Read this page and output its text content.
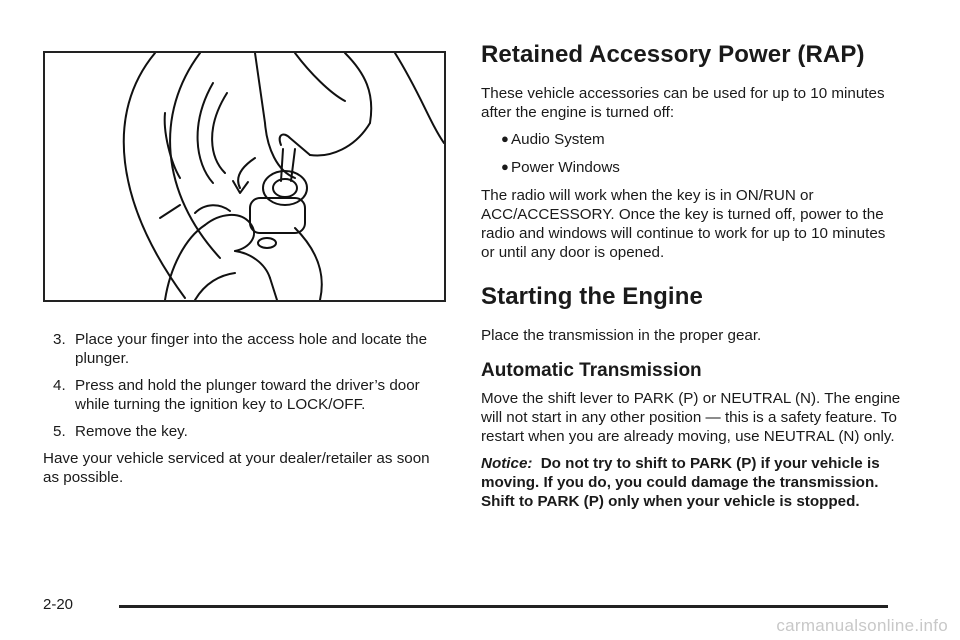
3. Place your finger into the access hole and locate the plunger.
4. Press and hold the plunger toward the driver’s door while turning the ignition key to LOCK/OFF.
5. Remove the key.

Have your vehicle serviced at your dealer/retailer as soon as possible.

Retained Accessory Power (RAP)

These vehicle accessories can be used for up to 10 minutes after the engine is turned off:

● Audio System
● Power Windows

The radio will work when the key is in ON/RUN or ACC/ACCESSORY. Once the key is turned off, power to the radio and windows will continue to work for up to 10 minutes or until any door is opened.

Starting the Engine

Place the transmission in the proper gear.

Automatic Transmission

Move the shift lever to PARK (P) or NEUTRAL (N). The engine will not start in any other position — this is a safety feature. To restart when you are already moving, use NEUTRAL (N) only.

Notice: Do not try to shift to PARK (P) if your vehicle is moving. If you do, you could damage the transmission. Shift to PARK (P) only when your vehicle is stopped.

2-20
carmanualsonline.info
